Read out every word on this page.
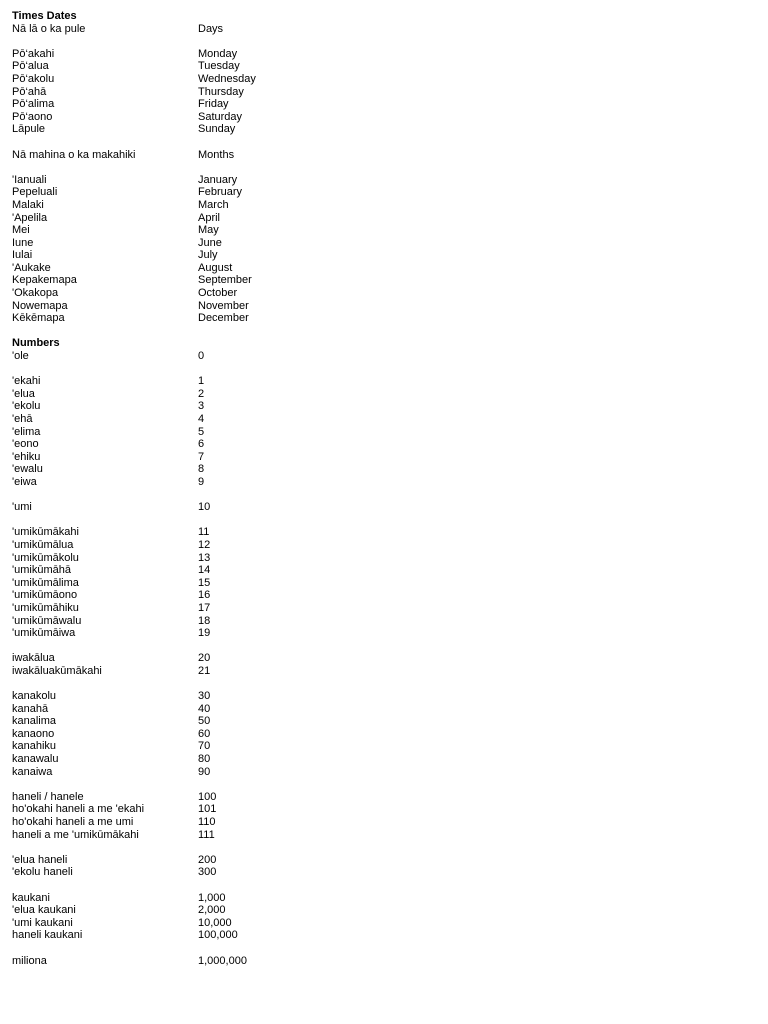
Times Dates
Nā lā o ka pule	Days
Pō‘akahi	Monday
Pō‘alua	Tuesday
Pō‘akolu	Wednesday
Pō‘ahā	Thursday
Pō‘alima	Friday
Pō‘aono	Saturday
Lāpule	Sunday
Nā mahina o ka makahiki	Months
'Ianuali	January
Pepeluali	February
Malaki	March
'Apelila	April
Mei	May
Iune	June
Iulai	July
'Aukake	August
Kepakemapa	September
'Okakopa	October
Nowemapa	November
Kēkēmapa	December
Numbers
'ole	0
'ekahi	1
'elua	2
'ekolu	3
'ehā	4
'elima	5
'eono	6
'ehiku	7
'ewalu	8
'eiwa	9
'umi	10
'umikūmākahi	11
'umikūmālua	12
'umikūmākolu	13
'umikūmāhā	14
'umikūmālima	15
'umikūmāono	16
'umikūmāhiku	17
'umikūmāwalu	18
'umikūmāiwa	19
iwakālua	20
iwakāluakūmākahi	21
kanakolu	30
kanahā	40
kanalima	50
kanaono	60
kanahiku	70
kanawalu	80
kanaiwa	90
haneli / hanele	100
ho'okahi haneli a me 'ekahi	101
ho'okahi haneli a me umi	110
haneli a me 'umikūmākahi	111
'elua haneli	200
'ekolu haneli	300
kaukani	1,000
'elua kaukani	2,000
'umi kaukani	10,000
haneli kaukani	100,000
miliona	1,000,000
